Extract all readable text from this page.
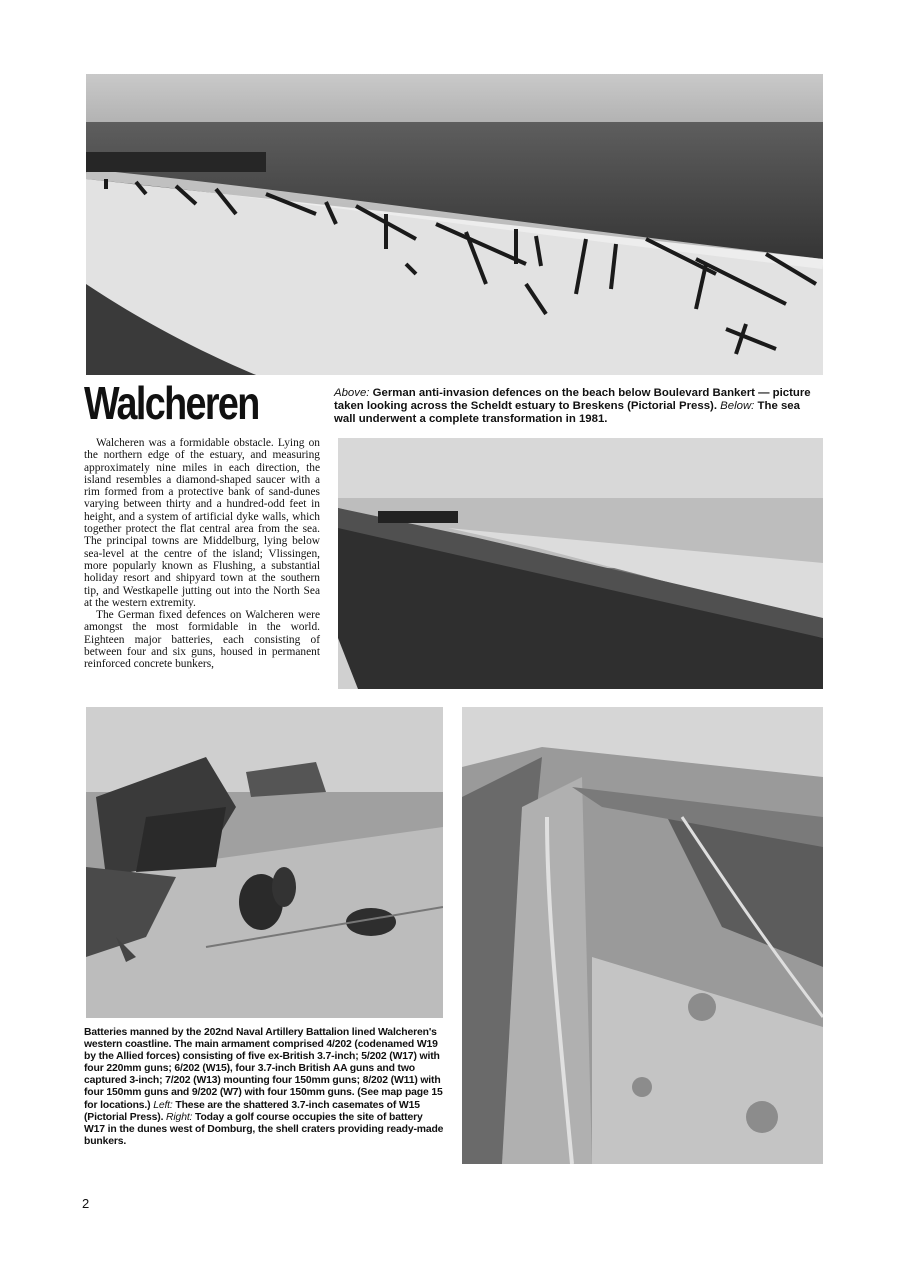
Walcheren	Above: German anti-invasion defences on the beach below Boulevard Bankert — picture taken looking across the Scheldt estuary to Breskens (Pictorial Press). Below: The sea wall underwent a complete transformation in 1981.

Walcheren was a formidable obstacle. Lying on the northern edge of the estuary, and measuring approximately nine miles in each direction, the island resembles a diamond-shaped saucer with a rim formed from a protective bank of sand-dunes varying between thirty and a hundred-odd feet in height, and a system of artificial dyke walls, which together protect the flat central area from the sea. The principal towns are Middelburg, lying below sea-level at the centre of the island; Vlissingen, more popularly known as Flushing, a substantial holiday resort and shipyard town at the southern tip, and Westkapelle jutting out into the North Sea at the western extremity.

The German fixed defences on Walcheren were amongst the most formidable in the world. Eighteen major batteries, each consisting of between four and six guns, housed in permanent reinforced concrete bunkers,

Batteries manned by the 202nd Naval Artillery Battalion lined Walcheren's western coastline. The main armament comprised 4/202 (codenamed W19 by the Allied forces) consisting of five ex-British 3.7-inch; 5/202 (W17) with four 220mm guns; 6/202 (W15), four 3.7-inch British AA guns and two captured 3-inch; 7/202 (W13) mounting four 150mm guns; 8/202 (W11) with four 150mm guns and 9/202 (W7) with four 150mm guns. (See map page 15 for locations.) Left: These are the shattered 3.7-inch casemates of W15 (Pictorial Press). Right: Today a golf course occupies the site of battery W17 in the dunes west of Domburg, the shell craters providing ready-made bunkers.

2
